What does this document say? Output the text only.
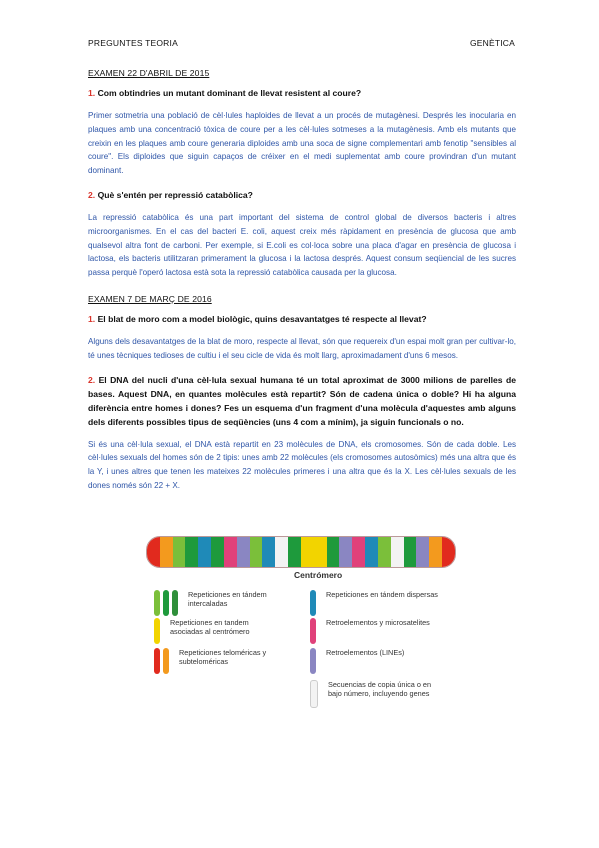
PREGUNTES TEORIA	GENÈTICA

EXAMEN 22 D'ABRIL DE 2015

1. Com obtindries un mutant dominant de llevat resistent al coure?

Primer sotmetria una població de cèl·lules haploides de llevat a un procés de mutagènesi. Després les inocularia en plaques amb una concentració tòxica de coure per a les cèl·lules sotmeses a la mutagènesis. Amb els mutants que creixin en les plaques amb coure generaria diploides amb una soca de signe complementari amb fenotip "sensibles al coure". Els diploides que siguin capaços de créixer en el medi suplementat amb coure provindran d'un mutant dominant.

2. Què s'entén per repressió catabòlica?

La repressió catabòlica és una part important del sistema de control global de diversos bacteris i altres microorganismes. En el cas del bacteri E. coli, aquest creix més ràpidament en presència de glucosa que amb qualsevol altra font de carboni. Per exemple, si E.coli es col·loca sobre una placa d'agar en presència de glucosa i lactosa, els bacteris utilitzaran primerament la glucosa i la lactosa després. Aquest consum seqüencial de les sucres passa perquè l'operó lactosa està sota la repressió catabòlica causada per la glucosa.

EXAMEN 7 DE MARÇ DE 2016

1. El blat de moro com a model biològic, quins desavantatges té respecte al llevat?

Alguns dels desavantatges de la blat de moro, respecte al llevat, són que requereix d'un espai molt gran per cultivar-lo, té unes tècniques tedioses de cultiu i el seu cicle de vida és molt llarg, aproximadament d'uns 6 mesos.

2. El DNA del nucli d'una cèl·lula sexual humana té un total aproximat de 3000 milions de parelles de bases. Aquest DNA, en quantes molècules està repartit? Són de cadena única o doble? Hi ha alguna diferència entre homes i dones? Fes un esquema d'un fragment d'una molècula d'aquestes amb alguns dels diferents possibles tipus de seqüències (uns 4 com a mínim), ja siguin funcionals o no.

Si és una cèl·lula sexual, el DNA està repartit en 23 molècules de DNA, els cromosomes. Són de cada doble. Les cèl·lules sexuals del homes són de 2 tipis: unes amb 22 molècules (els cromosomes autosòmics) més una altra que és la Y, i unes altres que tenen les mateixes 22 molècules primeres i una altra que és la X. Les cèl·lules sexuals de les dones només són 22 + X.

Centrómero
Repeticiones en tándem intercaladas
Repeticiones en tándem dispersas
Repeticiones en tandem asociadas al centrómero
Retroelementos y microsatelites
Repeticiones teloméricas y subteloméricas
Retroelementos (LINEs)
Secuencias de copia única o en bajo número, incluyendo genes
